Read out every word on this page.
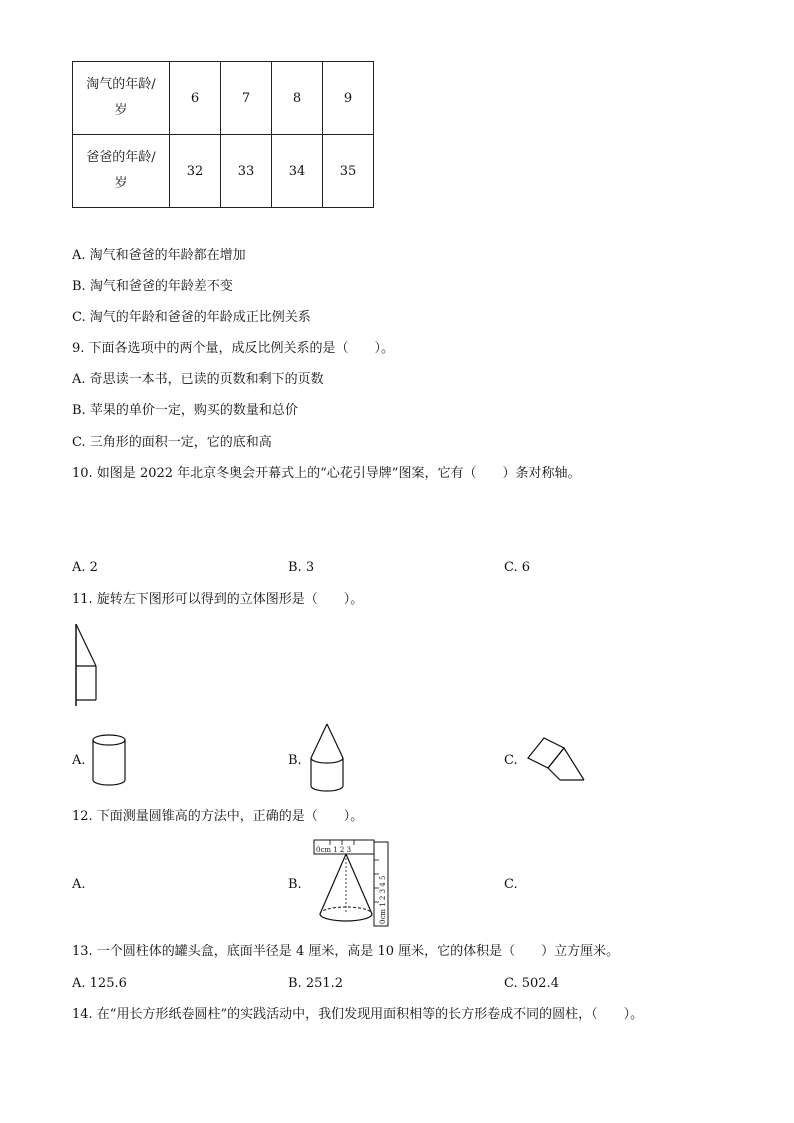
淘气的年龄/
岁	6	7	8	9

爸爸的年龄/
岁	32	33	34	35
A. 淘气和爸爸的年龄都在增加
B. 淘气和爸爸的年龄差不变
C. 淘气的年龄和爸爸的年龄成正比例关系
9. 下面各选项中的两个量，成反比例关系的是（　　）。
A. 奇思读一本书，已读的页数和剩下的页数
B. 苹果的单价一定，购买的数量和总价
C. 三角形的面积一定，它的底和高
10. 如图是 2022 年北京冬奥会开幕式上的“心花引导牌”图案，它有（　　）条对称轴。
A. 2	B. 3	C. 6
11. 旋转左下图形可以得到的立体图形是（　　）。
A.	B.	C.
12. 下面测量圆锥高的方法中，正确的是（　　）。
A.	B.	C.
0cm 1 2 3
0cm 1 2 3 4 5
13. 一个圆柱体的罐头盒，底面半径是 4 厘米，高是 10 厘米，它的体积是（　　）立方厘米。
A. 125.6	B. 251.2	C. 502.4
14. 在“用长方形纸卷圆柱”的实践活动中，我们发现用面积相等的长方形卷成不同的圆柱，（　　）。
